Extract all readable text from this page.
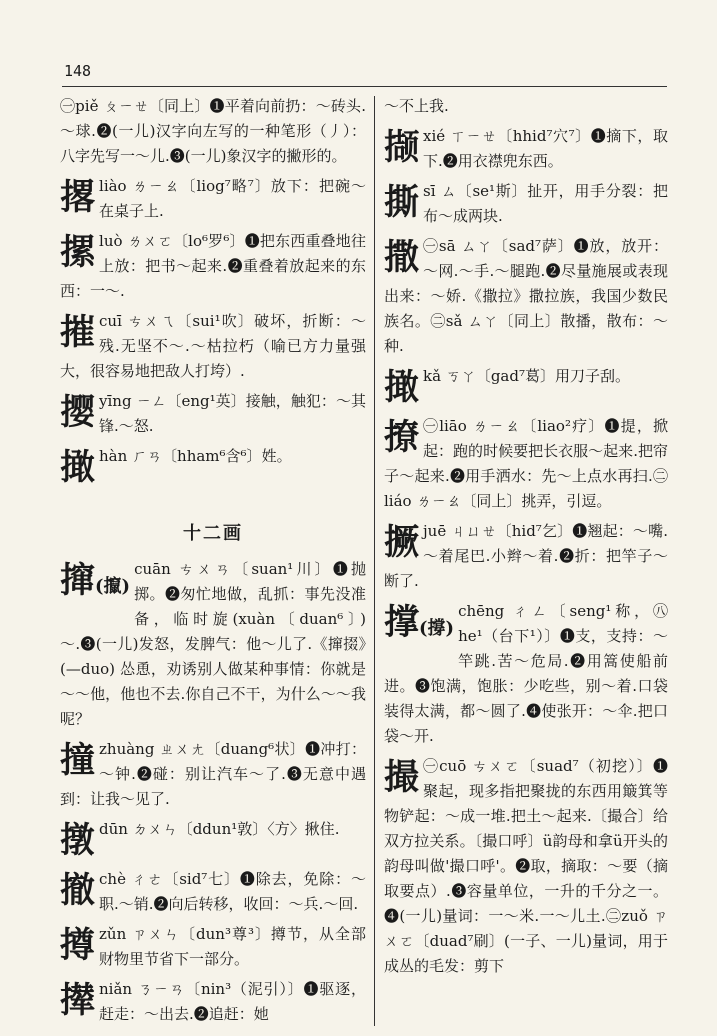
148
㊀piě ㄆㄧㄝ〔同上〕❶平着向前扔：～砖头.～球.❷(一儿)汉字向左写的一种笔形（丿）：八字先写一～儿.❸(一儿)象汉字的撇形的。
撂 liào ㄌㄧㄠ〔liog⁷略⁷〕放下：把碗～在桌子上.
摞 luò ㄌㄨㄛ〔lo⁶罗⁶〕❶把东西重叠地往上放：把书～起来.❷重叠着放起来的东西：一～.
摧 cuī ㄘㄨㄟ〔sui¹吹〕破坏，折断：～残.无坚不～.～枯拉朽（喻已方力量强大，很容易地把敌人打垮）.
撄 yīng ㄧㄥ〔eng¹英〕接触，触犯：～其锋.～怒.
撖 hàn ㄏㄢ〔hham⁶含⁶〕姓。
十二画
撺(攛)
cuān ㄘㄨㄢ〔suan¹川〕❶抛掷。❷匆忙地做，乱抓：事先没准备，临时旋(xuàn〔duan⁶〕)～.❸(一儿)发怒，发脾气：他～儿了.《撺掇》(—duo) 怂恿，劝诱别人做某种事情：你就是～～他，他也不去.你自己不干，为什么～～我呢？
撞 zhuàng ㄓㄨㄤ〔duang⁶状〕❶冲打：～钟.❷碰：别让汽车～了.❸无意中遇到：让我～见了.
撴 dūn ㄉㄨㄣ〔ddun¹敦〕〈方〉揪住.
撤 chè ㄔㄜ〔sid⁷七〕❶除去，免除：～职.～销.❷向后转移，收回：～兵.～回.
撙 zǔn ㄗㄨㄣ〔dun³尊³〕撙节，从全部财物里节省下一部分。
撵 niǎn ㄋㄧㄢ〔nin³（泥引）〕❶驱逐，赶走：～出去.❷追赶：她
～不上我.
撷 xié ㄒㄧㄝ〔hhid⁷穴⁷〕❶摘下，取下.❷用衣襟兜东西。
撕 sī ㄙ〔se¹斯〕扯开，用手分裂：把布～成两块.
撒 ㊀sā ㄙㄚ〔sad⁷萨〕❶放，放开：～网.～手.～腿跑.❷尽量施展或表现出来：～娇.《撒拉》撒拉族，我国少数民族名。㊁sǎ ㄙㄚ〔同上〕散播，散布：～种.
撖 kǎ ㄎㄚ〔gad⁷葛〕用刀子刮。
撩 ㊀liāo ㄌㄧㄠ〔liao²疗〕❶提，掀起：跑的时候要把长衣服～起来.把帘子～起来.❷用手洒水：先～上点水再扫.㊁liáo ㄌㄧㄠ〔同上〕挑弄，引逗。
撅 juē ㄐㄩㄝ〔hid⁷乞〕❶翘起：～嘴.～着尾巴.小辫～着.❷折：把竿子～断了.
撑(撐)
chēng ㄔㄥ〔seng¹称，㊇ he¹（台下¹）〕❶支，支持：～竿跳.苦～危局.❷用篙使船前进。❸饱满，饱胀：少吃些，别～着.口袋装得太满，都～圆了.❹使张开：～伞.把口袋～开.
撮 ㊀cuō ㄘㄨㄛ〔suad⁷（初挖）〕❶聚起，现多指把聚拢的东西用簸箕等物铲起：～成一堆.把土～起来.〔撮合〕给双方拉关系。〔撮口呼〕ü韵母和拿ü开头的韵母叫做'撮口呼'。❷取，摘取：～要（摘取要点）.❸容量单位，一升的千分之一。❹(一儿)量词：一～米.一～儿土.㊁zuǒ ㄗㄨㄛ〔duad⁷刷〕(一子、一儿)量词，用于成丛的毛发：剪下
